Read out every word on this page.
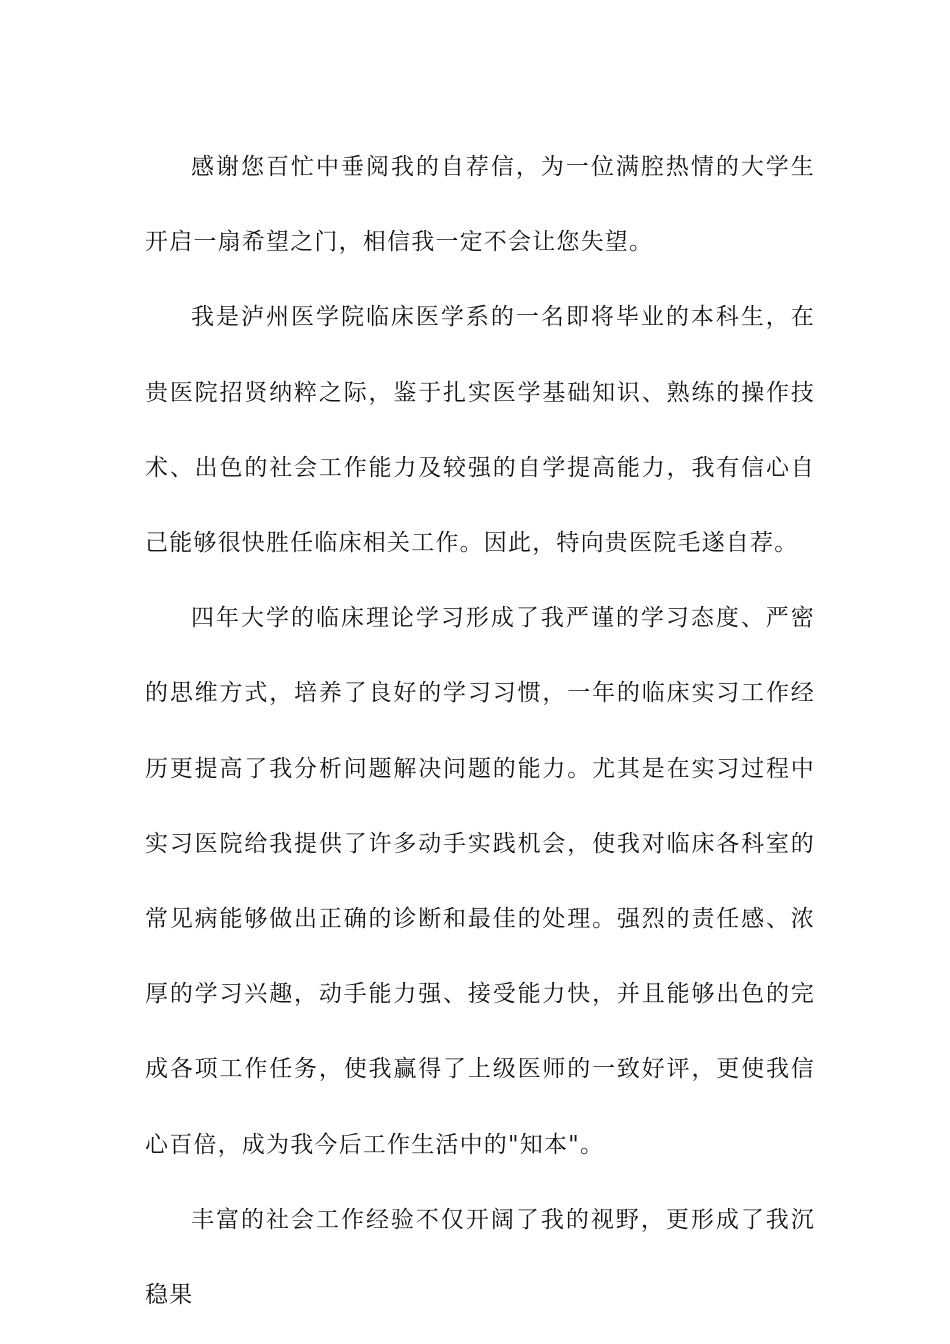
感谢您百忙中垂阅我的自荐信，为一位满腔热情的大学生开启一扇希望之门，相信我一定不会让您失望。

我是泸州医学院临床医学系的一名即将毕业的本科生，在贵医院招贤纳粹之际，鉴于扎实医学基础知识、熟练的操作技术、出色的社会工作能力及较强的自学提高能力，我有信心自己能够很快胜任临床相关工作。因此，特向贵医院毛遂自荐。

四年大学的临床理论学习形成了我严谨的学习态度、严密的思维方式，培养了良好的学习习惯，一年的临床实习工作经历更提高了我分析问题解决问题的能力。尤其是在实习过程中实习医院给我提供了许多动手实践机会，使我对临床各科室的常见病能够做出正确的诊断和最佳的处理。强烈的责任感、浓厚的学习兴趣，动手能力强、接受能力快，并且能够出色的完成各项工作任务，使我赢得了上级医师的一致好评，更使我信心百倍，成为我今后工作生活中的"知本"。

丰富的社会工作经验不仅开阔了我的视野，更形成了我沉稳果
